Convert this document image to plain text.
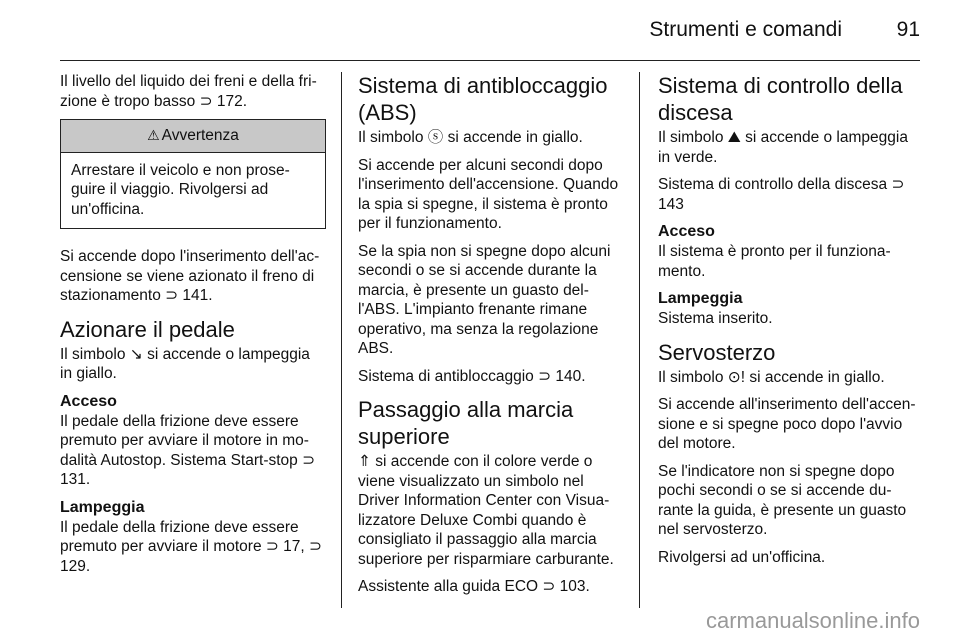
Strumenti e comandi	91

Il livello del liquido dei freni e della fri-zione è tropo basso ⊃ 172.

⚠ Avvertenza
Arrestare il veicolo e non prose-guire il viaggio. Rivolgersi ad un'officina.

Si accende dopo l'inserimento dell'ac-censione se viene azionato il freno di stazionamento ⊃ 141.

Azionare il pedale

Il simbolo ↘ si accende o lampeggia in giallo.

Acceso

Il pedale della frizione deve essere premuto per avviare il motore in mo-dalità Autostop. Sistema Start-stop ⊃ 131.

Lampeggia

Il pedale della frizione deve essere premuto per avviare il motore ⊃ 17, ⊃ 129.

Sistema di antibloccaggio (ABS)

Il simbolo ⓢ si accende in giallo.

Si accende per alcuni secondi dopo l'inserimento dell'accensione. Quando la spia si spegne, il sistema è pronto per il funzionamento.

Se la spia non si spegne dopo alcuni secondi o se si accende durante la marcia, è presente un guasto del-l'ABS. L'impianto frenante rimane operativo, ma senza la regolazione ABS.

Sistema di antibloccaggio ⊃ 140.

Passaggio alla marcia superiore

⇑ si accende con il colore verde o viene visualizzato un simbolo nel Driver Information Center con Visua-lizzatore Deluxe Combi quando è consigliato il passaggio alla marcia superiore per risparmiare carburante.

Assistente alla guida ECO ⊃ 103.

Sistema di controllo della discesa

Il simbolo ⛰ si accende o lampeggia in verde.

Sistema di controllo della discesa ⊃ 143

Acceso

Il sistema è pronto per il funziona-mento.

Lampeggia

Sistema inserito.

Servosterzo

Il simbolo ⊙! si accende in giallo.

Si accende all'inserimento dell'accen-sione e si spegne poco dopo l'avvio del motore.

Se l'indicatore non si spegne dopo pochi secondi o se si accende du-rante la guida, è presente un guasto nel servosterzo.

Rivolgersi ad un'officina.

carmanualsonline.info
